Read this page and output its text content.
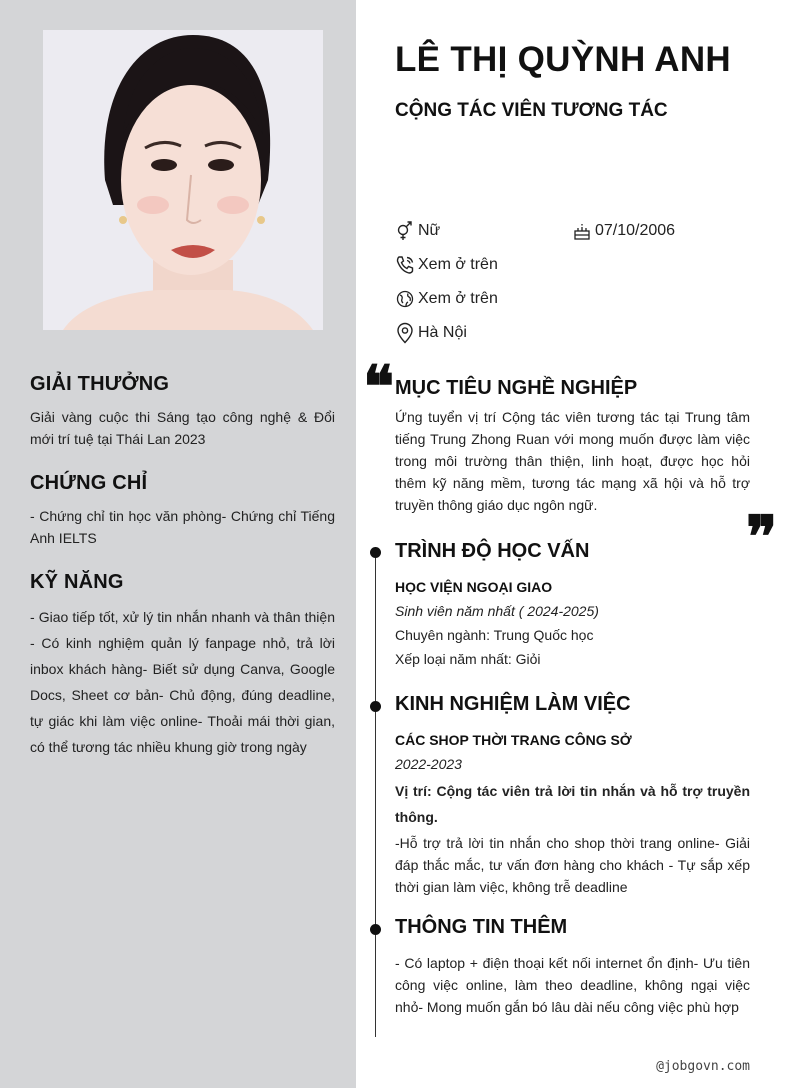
GIẢI THƯỞNG
Giải vàng cuộc thi Sáng tạo công nghệ & Đổi mới trí tuệ tại Thái Lan 2023
CHỨNG CHỈ
- Chứng chỉ tin học văn phòng- Chứng chỉ Tiếng Anh IELTS
KỸ NĂNG
- Giao tiếp tốt, xử lý tin nhắn nhanh và thân thiện - Có kinh nghiệm quản lý fanpage nhỏ, trả lời inbox khách hàng- Biết sử dụng Canva, Google Docs, Sheet cơ bản- Chủ động, đúng deadline, tự giác khi làm việc online- Thoải mái thời gian, có thể tương tác nhiều khung giờ trong ngày
LÊ THỊ QUỲNH ANH
CỘNG TÁC VIÊN TƯƠNG TÁC
Nữ	07/10/2006
Xem ở trên
Xem ở trên
Hà Nội
❝
❞
MỤC TIÊU NGHỀ NGHIỆP
Ứng tuyển vị trí Cộng tác viên tương tác tại Trung tâm tiếng Trung Zhong Ruan với mong muốn được làm việc trong môi trường thân thiện, linh hoạt, được học hỏi thêm kỹ năng mềm, tương tác mạng xã hội và hỗ trợ truyền thông giáo dục ngôn ngữ.
TRÌNH ĐỘ HỌC VẤN
HỌC VIỆN NGOẠI GIAO
Sinh viên năm nhất ( 2024-2025)
Chuyên ngành: Trung Quốc học
Xếp loại năm nhất: Giỏi
KINH NGHIỆM LÀM VIỆC
CÁC SHOP THỜI TRANG CÔNG SỞ
2022-2023
Vị trí: Cộng tác viên trả lời tin nhắn và hỗ trợ truyền thông.
-Hỗ trợ trả lời tin nhắn cho shop thời trang online- Giải đáp thắc mắc, tư vấn đơn hàng cho khách - Tự sắp xếp thời gian làm việc, không trễ deadline
THÔNG TIN THÊM
- Có laptop + điện thoại kết nối internet ổn định- Ưu tiên công việc online, làm theo deadline, không ngại việc nhỏ- Mong muốn gắn bó lâu dài nếu công việc phù hợp
@jobgovn.com
